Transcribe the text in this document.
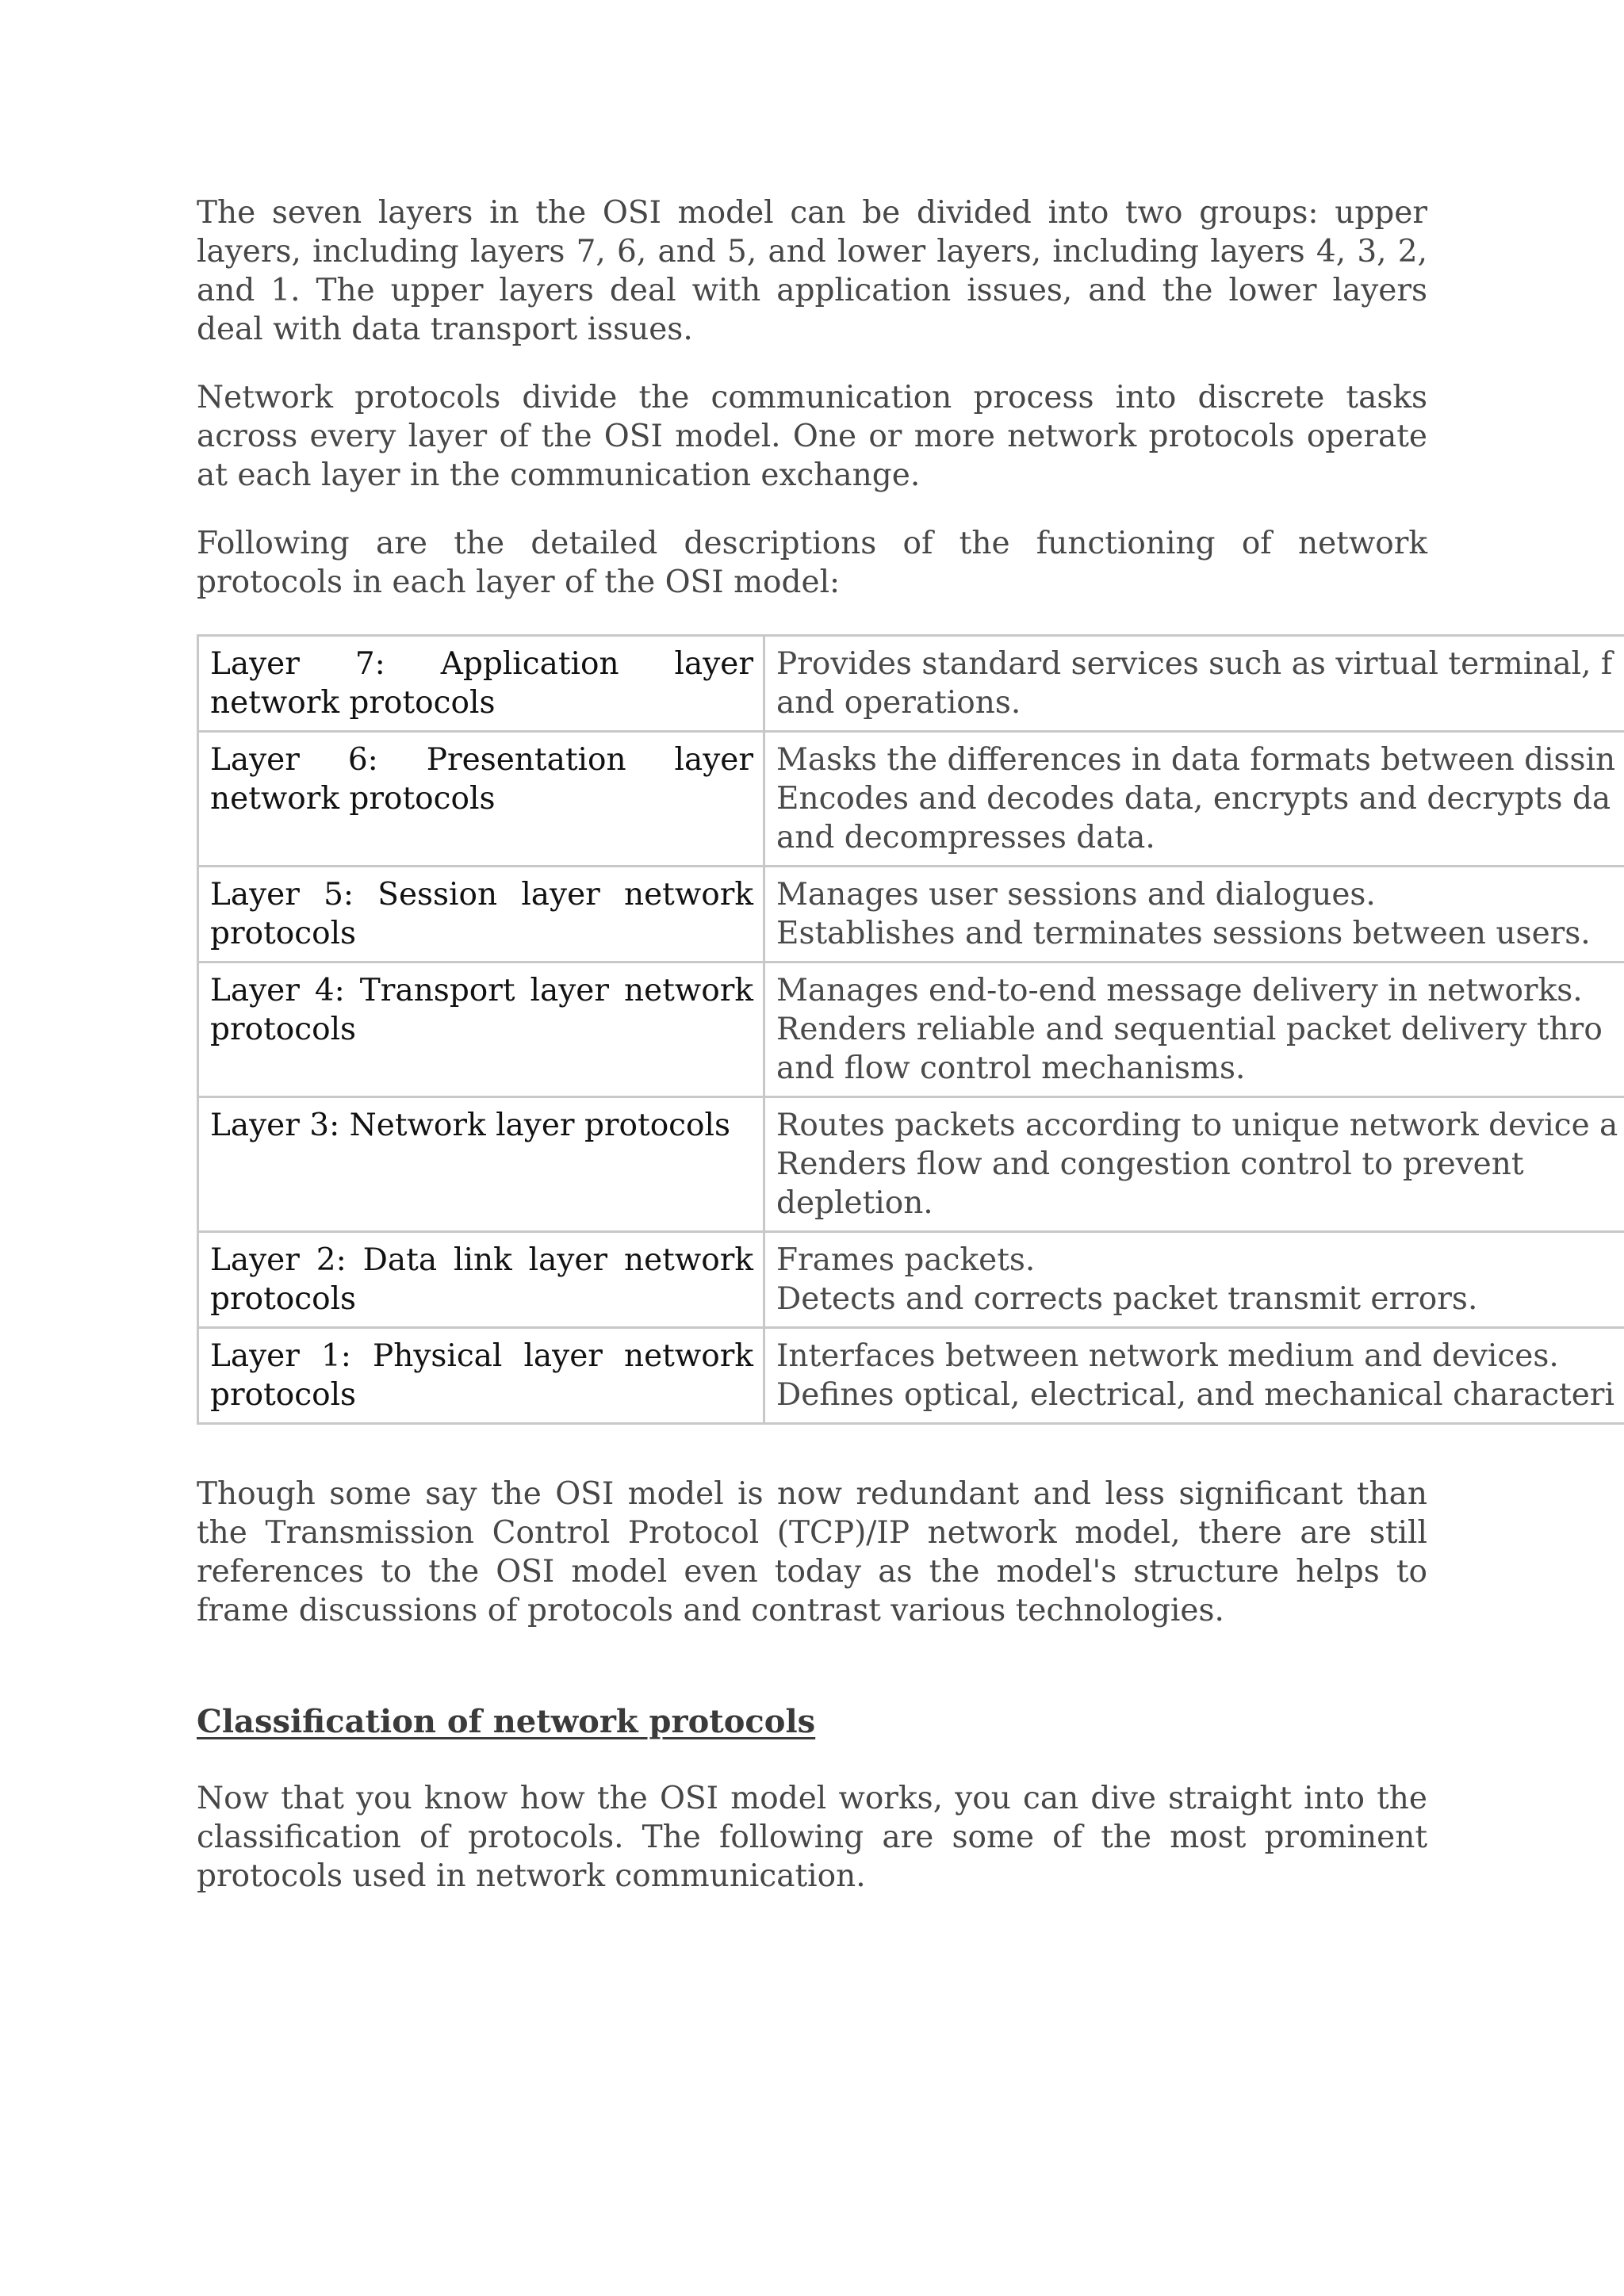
The seven layers in the OSI model can be divided into two groups: upper layers, including layers 7, 6, and 5, and lower layers, including layers 4, 3, 2, and 1. The upper layers deal with application issues, and the lower layers deal with data transport issues.

Network protocols divide the communication process into discrete tasks across every layer of the OSI model. One or more network protocols operate at each layer in the communication exchange.

Following are the detailed descriptions of the functioning of network protocols in each layer of the OSI model:

Layer 7: Application layer network protocols	Provides standard services such as virtual terminal, f
and operations.

Layer 6: Presentation layer network protocols	Masks the differences in data formats between dissin
Encodes and decodes data, encrypts and decrypts da
and decompresses data.

Layer 5: Session layer network protocols	Manages user sessions and dialogues.
Establishes and terminates sessions between users.

Layer 4: Transport layer network protocols	Manages end-to-end message delivery in networks.
Renders reliable and sequential packet delivery thro
and flow control mechanisms.

Layer 3: Network layer protocols	Routes packets according to unique network device a
Renders flow and congestion control to prevent
depletion.

Layer 2: Data link layer network protocols	Frames packets.
Detects and corrects packet transmit errors.

Layer 1: Physical layer network protocols	Interfaces between network medium and devices.
Defines optical, electrical, and mechanical characteri

Though some say the OSI model is now redundant and less significant than the Transmission Control Protocol (TCP)/IP network model, there are still references to the OSI model even today as the model's structure helps to frame discussions of protocols and contrast various technologies.

Classification of network protocols

Now that you know how the OSI model works, you can dive straight into the classification of protocols. The following are some of the most prominent protocols used in network communication.
